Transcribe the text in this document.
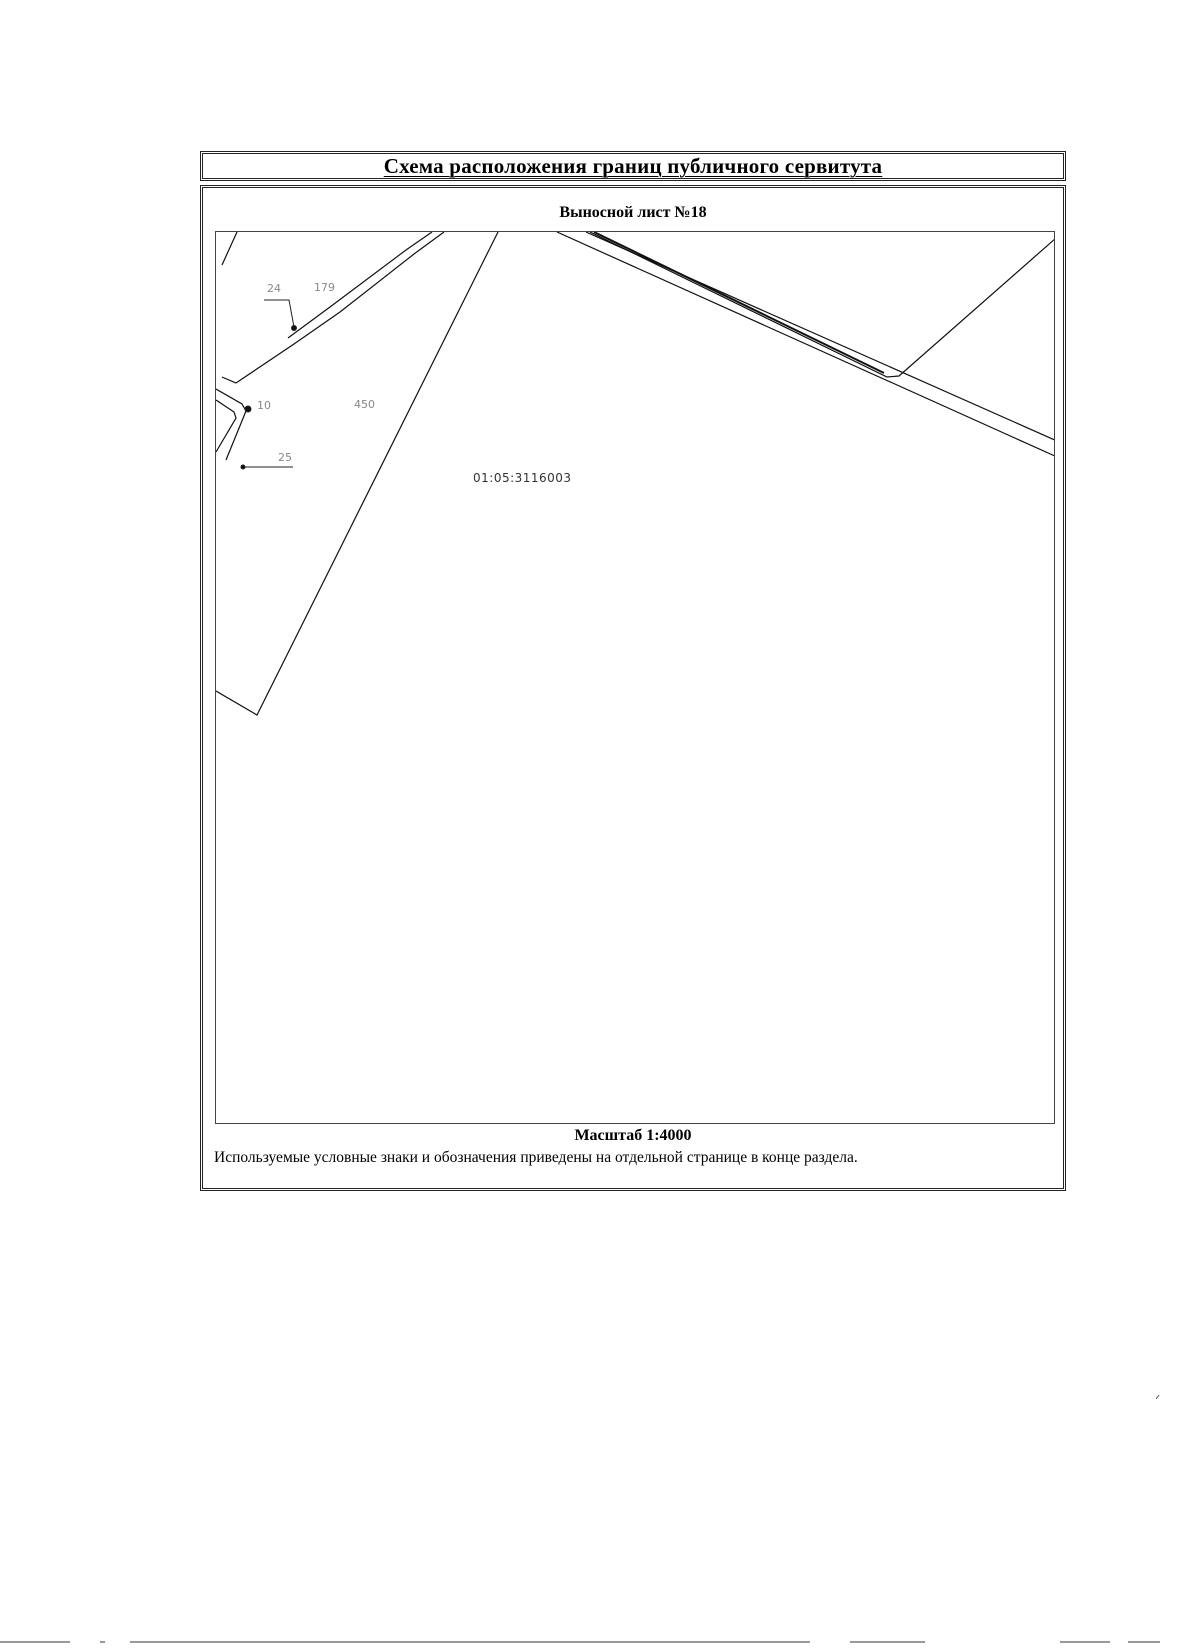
Схема расположения границ публичного сервитута
Выносной лист №18
24	179
10	450
25
01:05:3116003
Масштаб 1:4000
Используемые условные знаки и обозначения приведены на отдельной странице в конце раздела.
